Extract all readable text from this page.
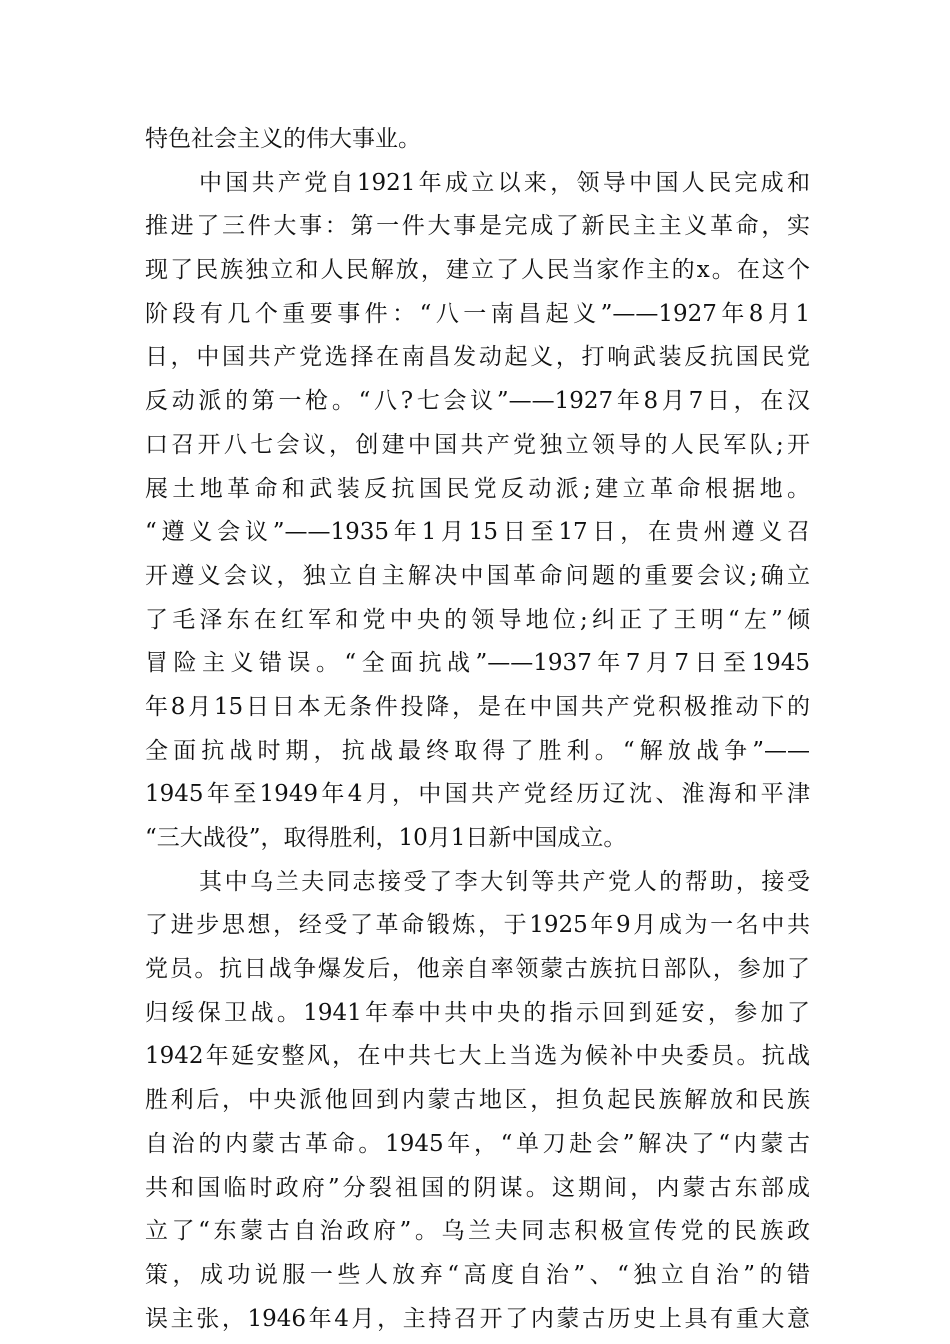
特色社会主义的伟大事业。
中国共产党自1921年成立以来，领导中国人民完成和
推进了三件大事：第一件大事是完成了新民主主义革命，实
现了民族独立和人民解放，建立了人民当家作主的x。在这个
阶段有几个重要事件：“八一南昌起义”——1927年8月1
日，中国共产党选择在南昌发动起义，打响武装反抗国民党
反动派的第一枪。“八?七会议”——1927年8月7日，在汉
口召开八七会议，创建中国共产党独立领导的人民军队;开
展土地革命和武装反抗国民党反动派;建立革命根据地。
“遵义会议”——1935年1月15日至17日，在贵州遵义召
开遵义会议，独立自主解决中国革命问题的重要会议;确立
了毛泽东在红军和党中央的领导地位;纠正了王明“左”倾
冒险主义错误。“全面抗战”——1937年7月7日至1945
年8月15日日本无条件投降，是在中国共产党积极推动下的
全面抗战时期，抗战最终取得了胜利。“解放战争”——
1945年至1949年4月，中国共产党经历辽沈、淮海和平津
“三大战役”，取得胜利，10月1日新中国成立。
其中乌兰夫同志接受了李大钊等共产党人的帮助，接受
了进步思想，经受了革命锻炼，于1925年9月成为一名中共
党员。抗日战争爆发后，他亲自率领蒙古族抗日部队，参加了
归绥保卫战。1941年奉中共中央的指示回到延安，参加了
1942年延安整风，在中共七大上当选为候补中央委员。抗战
胜利后，中央派他回到内蒙古地区，担负起民族解放和民族
自治的内蒙古革命。1945年，“单刀赴会”解决了“内蒙古
共和国临时政府”分裂祖国的阴谋。这期间，内蒙古东部成
立了“东蒙古自治政府”。乌兰夫同志积极宣传党的民族政
策，成功说服一些人放弃“高度自治”、“独立自治”的错
误主张，1946年4月，主持召开了内蒙古历史上具有重大意
